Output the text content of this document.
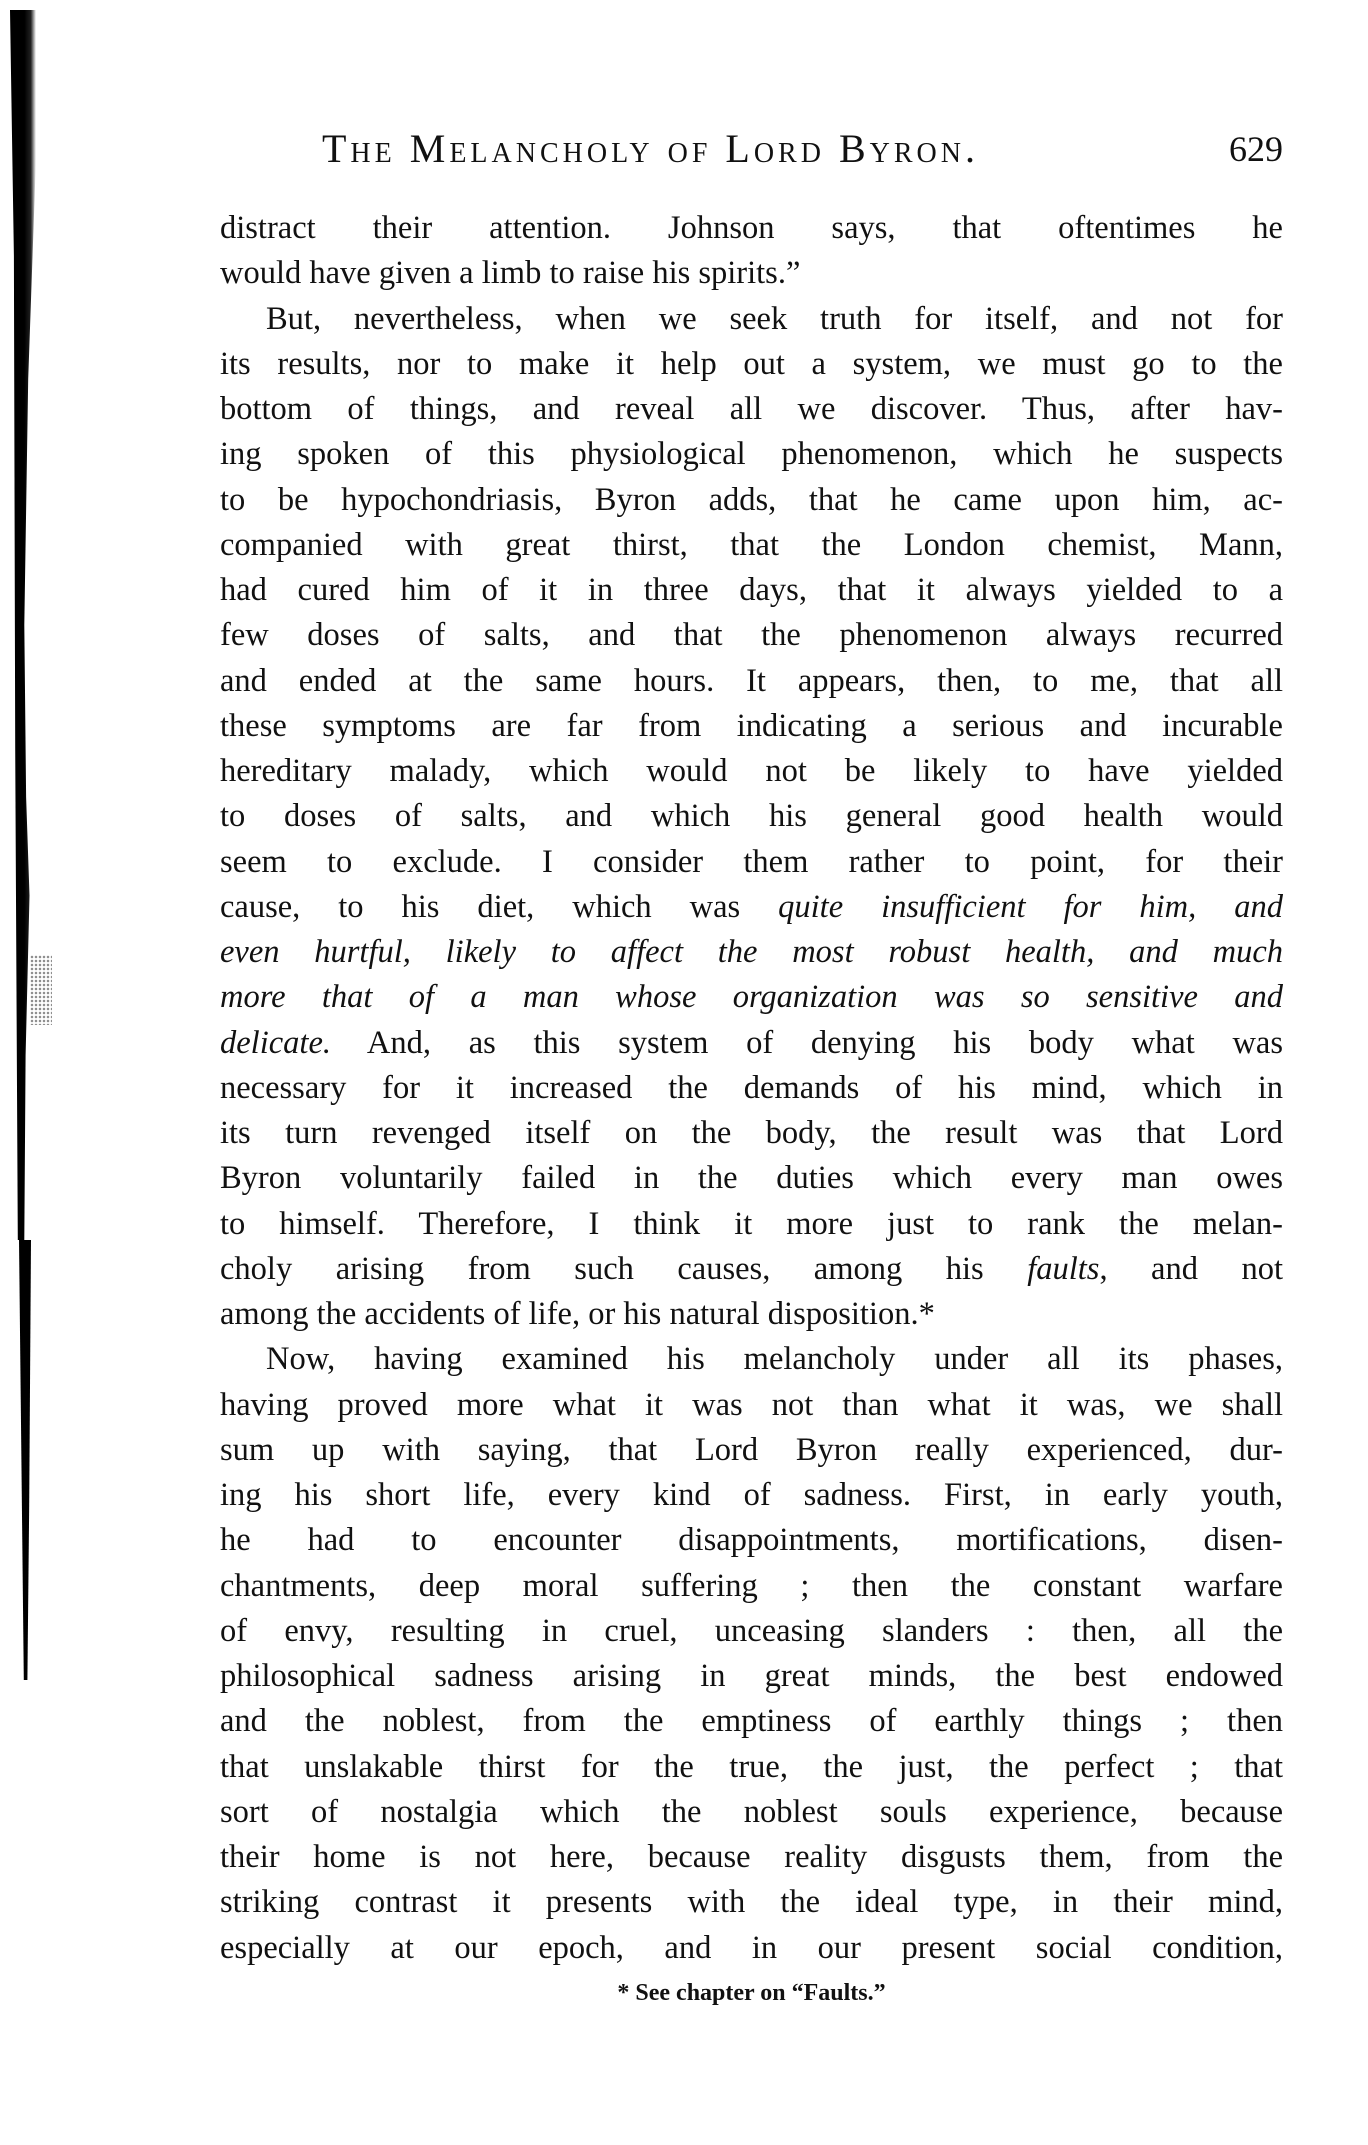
The Melancholy of Lord Byron.	629
distract their attention. Johnson says, that oftentimes he
would have given a limb to raise his spirits.”
But, nevertheless, when we seek truth for itself, and not for
its results, nor to make it help out a system, we must go to the
bottom of things, and reveal all we discover. Thus, after hav-
ing spoken of this physiological phenomenon, which he suspects
to be hypochondriasis, Byron adds, that he came upon him, ac-
companied with great thirst, that the London chemist, Mann,
had cured him of it in three days, that it always yielded to a
few doses of salts, and that the phenomenon always recurred
and ended at the same hours. It appears, then, to me, that all
these symptoms are far from indicating a serious and incurable
hereditary malady, which would not be likely to have yielded
to doses of salts, and which his general good health would
seem to exclude. I consider them rather to point, for their
cause, to his diet, which was quite insufficient for him, and
even hurtful, likely to affect the most robust health, and much
more that of a man whose organization was so sensitive and
delicate. And, as this system of denying his body what was
necessary for it increased the demands of his mind, which in
its turn revenged itself on the body, the result was that Lord
Byron voluntarily failed in the duties which every man owes
to himself. Therefore, I think it more just to rank the melan-
choly arising from such causes, among his faults, and not
among the accidents of life, or his natural disposition.*
Now, having examined his melancholy under all its phases,
having proved more what it was not than what it was, we shall
sum up with saying, that Lord Byron really experienced, dur-
ing his short life, every kind of sadness. First, in early youth,
he had to encounter disappointments, mortifications, disen-
chantments, deep moral suffering ; then the constant warfare
of envy, resulting in cruel, unceasing slanders : then, all the
philosophical sadness arising in great minds, the best endowed
and the noblest, from the emptiness of earthly things ; then
that unslakable thirst for the true, the just, the perfect ; that
sort of nostalgia which the noblest souls experience, because
their home is not here, because reality disgusts them, from the
striking contrast it presents with the ideal type, in their mind,
especially at our epoch, and in our present social condition,
* See chapter on “Faults.”
